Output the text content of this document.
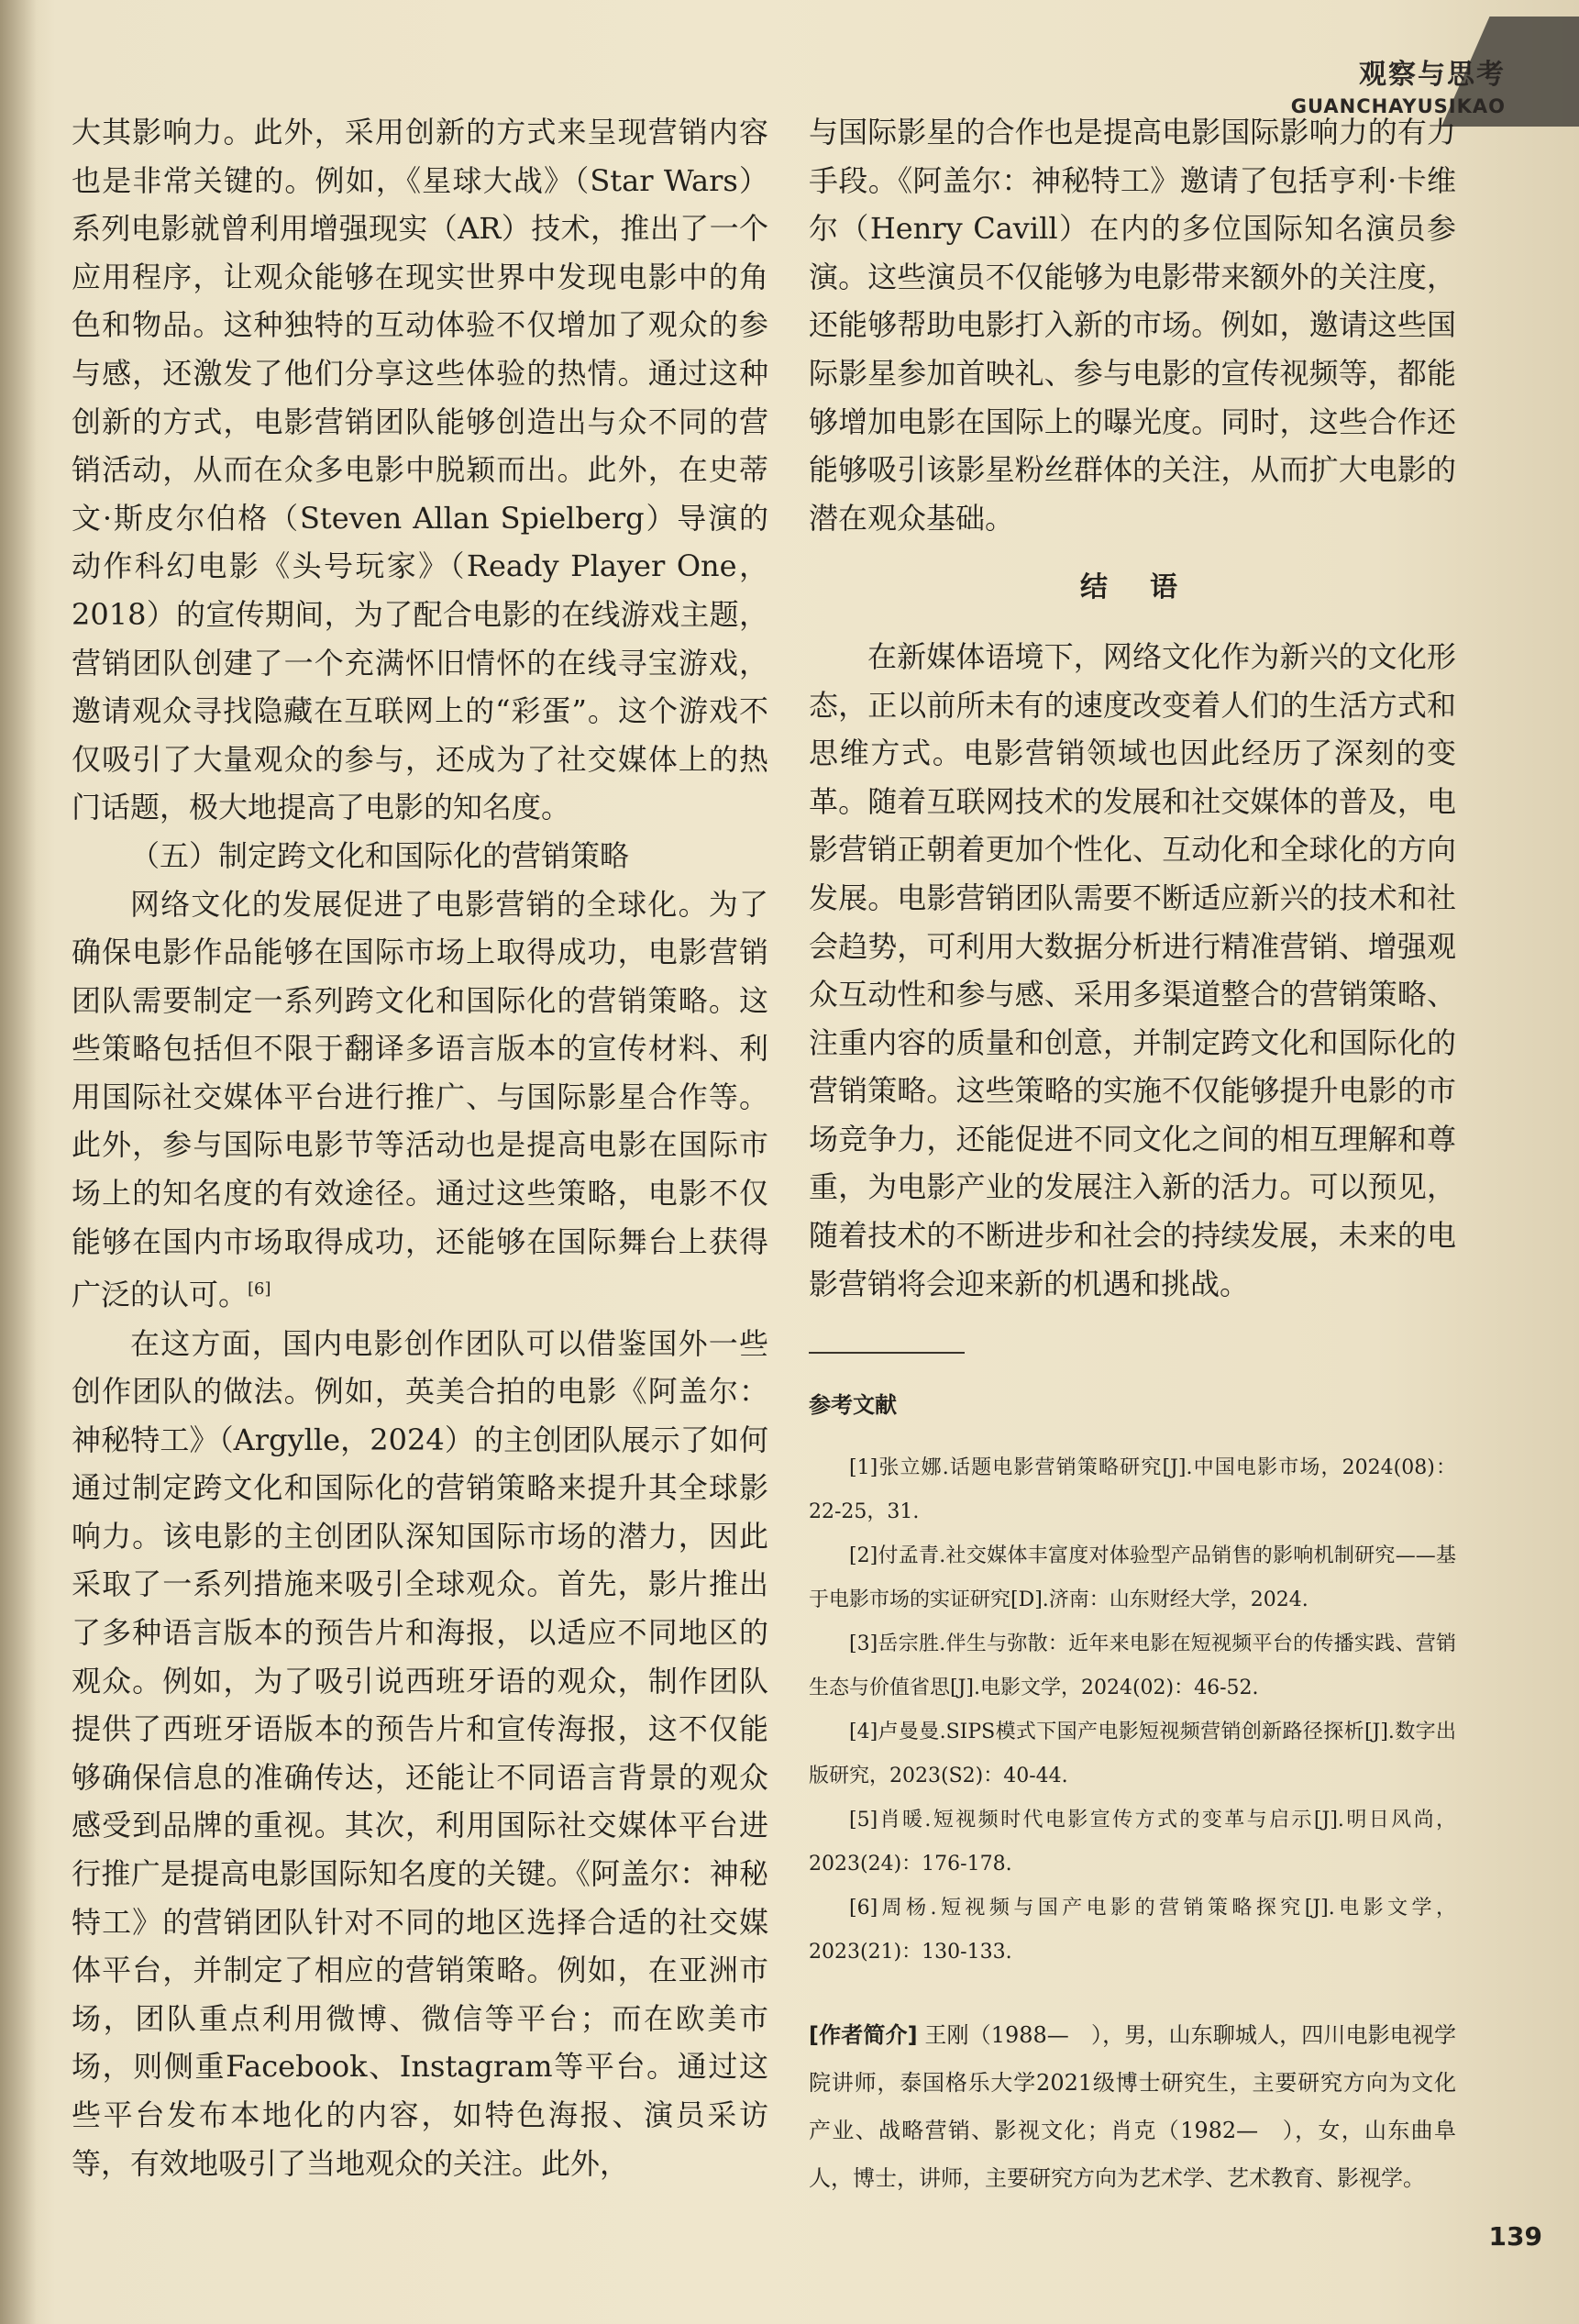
观察与思考
GUANCHAYUSIKAO

大其影响力。此外，采用创新的方式来呈现营销内容也是非常关键的。例如，《星球大战》（Star Wars）系列电影就曾利用增强现实（AR）技术，推出了一个应用程序，让观众能够在现实世界中发现电影中的角色和物品。这种独特的互动体验不仅增加了观众的参与感，还激发了他们分享这些体验的热情。通过这种创新的方式，电影营销团队能够创造出与众不同的营销活动，从而在众多电影中脱颖而出。此外，在史蒂文·斯皮尔伯格（Steven Allan Spielberg）导演的动作科幻电影《头号玩家》（Ready Player One，2018）的宣传期间，为了配合电影的在线游戏主题，营销团队创建了一个充满怀旧情怀的在线寻宝游戏，邀请观众寻找隐藏在互联网上的“彩蛋”。这个游戏不仅吸引了大量观众的参与，还成为了社交媒体上的热门话题，极大地提高了电影的知名度。

（五）制定跨文化和国际化的营销策略

网络文化的发展促进了电影营销的全球化。为了确保电影作品能够在国际市场上取得成功，电影营销团队需要制定一系列跨文化和国际化的营销策略。这些策略包括但不限于翻译多语言版本的宣传材料、利用国际社交媒体平台进行推广、与国际影星合作等。此外，参与国际电影节等活动也是提高电影在国际市场上的知名度的有效途径。通过这些策略，电影不仅能够在国内市场取得成功，还能够在国际舞台上获得广泛的认可。[6]

在这方面，国内电影创作团队可以借鉴国外一些创作团队的做法。例如，英美合拍的电影《阿盖尔：神秘特工》（Argylle，2024）的主创团队展示了如何通过制定跨文化和国际化的营销策略来提升其全球影响力。该电影的主创团队深知国际市场的潜力，因此采取了一系列措施来吸引全球观众。首先，影片推出了多种语言版本的预告片和海报，以适应不同地区的观众。例如，为了吸引说西班牙语的观众，制作团队提供了西班牙语版本的预告片和宣传海报，这不仅能够确保信息的准确传达，还能让不同语言背景的观众感受到品牌的重视。其次，利用国际社交媒体平台进行推广是提高电影国际知名度的关键。《阿盖尔：神秘特工》的营销团队针对不同的地区选择合适的社交媒体平台，并制定了相应的营销策略。例如，在亚洲市场，团队重点利用微博、微信等平台；而在欧美市场，则侧重Facebook、Instagram等平台。通过这些平台发布本地化的内容，如特色海报、演员采访等，有效地吸引了当地观众的关注。此外，

与国际影星的合作也是提高电影国际影响力的有力手段。《阿盖尔：神秘特工》邀请了包括亨利·卡维尔（Henry Cavill）在内的多位国际知名演员参演。这些演员不仅能够为电影带来额外的关注度，还能够帮助电影打入新的市场。例如，邀请这些国际影星参加首映礼、参与电影的宣传视频等，都能够增加电影在国际上的曝光度。同时，这些合作还能够吸引该影星粉丝群体的关注，从而扩大电影的潜在观众基础。

结　语

在新媒体语境下，网络文化作为新兴的文化形态，正以前所未有的速度改变着人们的生活方式和思维方式。电影营销领域也因此经历了深刻的变革。随着互联网技术的发展和社交媒体的普及，电影营销正朝着更加个性化、互动化和全球化的方向发展。电影营销团队需要不断适应新兴的技术和社会趋势，可利用大数据分析进行精准营销、增强观众互动性和参与感、采用多渠道整合的营销策略、注重内容的质量和创意，并制定跨文化和国际化的营销策略。这些策略的实施不仅能够提升电影的市场竞争力，还能促进不同文化之间的相互理解和尊重，为电影产业的发展注入新的活力。可以预见，随着技术的不断进步和社会的持续发展，未来的电影营销将会迎来新的机遇和挑战。

参考文献

[1]张立娜.话题电影营销策略研究[J].中国电影市场，2024(08)：22-25，31.

[2]付孟青.社交媒体丰富度对体验型产品销售的影响机制研究——基于电影市场的实证研究[D].济南：山东财经大学，2024.

[3]岳宗胜.伴生与弥散：近年来电影在短视频平台的传播实践、营销生态与价值省思[J].电影文学，2024(02)：46-52.

[4]卢曼曼.SIPS模式下国产电影短视频营销创新路径探析[J].数字出版研究，2023(S2)：40-44.

[5]肖暖.短视频时代电影宣传方式的变革与启示[J].明日风尚，2023(24)：176-178.

[6]周杨.短视频与国产电影的营销策略探究[J].电影文学，2023(21)：130-133.

[作者简介] 王刚（1988—　），男，山东聊城人，四川电影电视学院讲师，泰国格乐大学2021级博士研究生，主要研究方向为文化产业、战略营销、影视文化；肖克（1982—　），女，山东曲阜人，博士，讲师，主要研究方向为艺术学、艺术教育、影视学。
139
